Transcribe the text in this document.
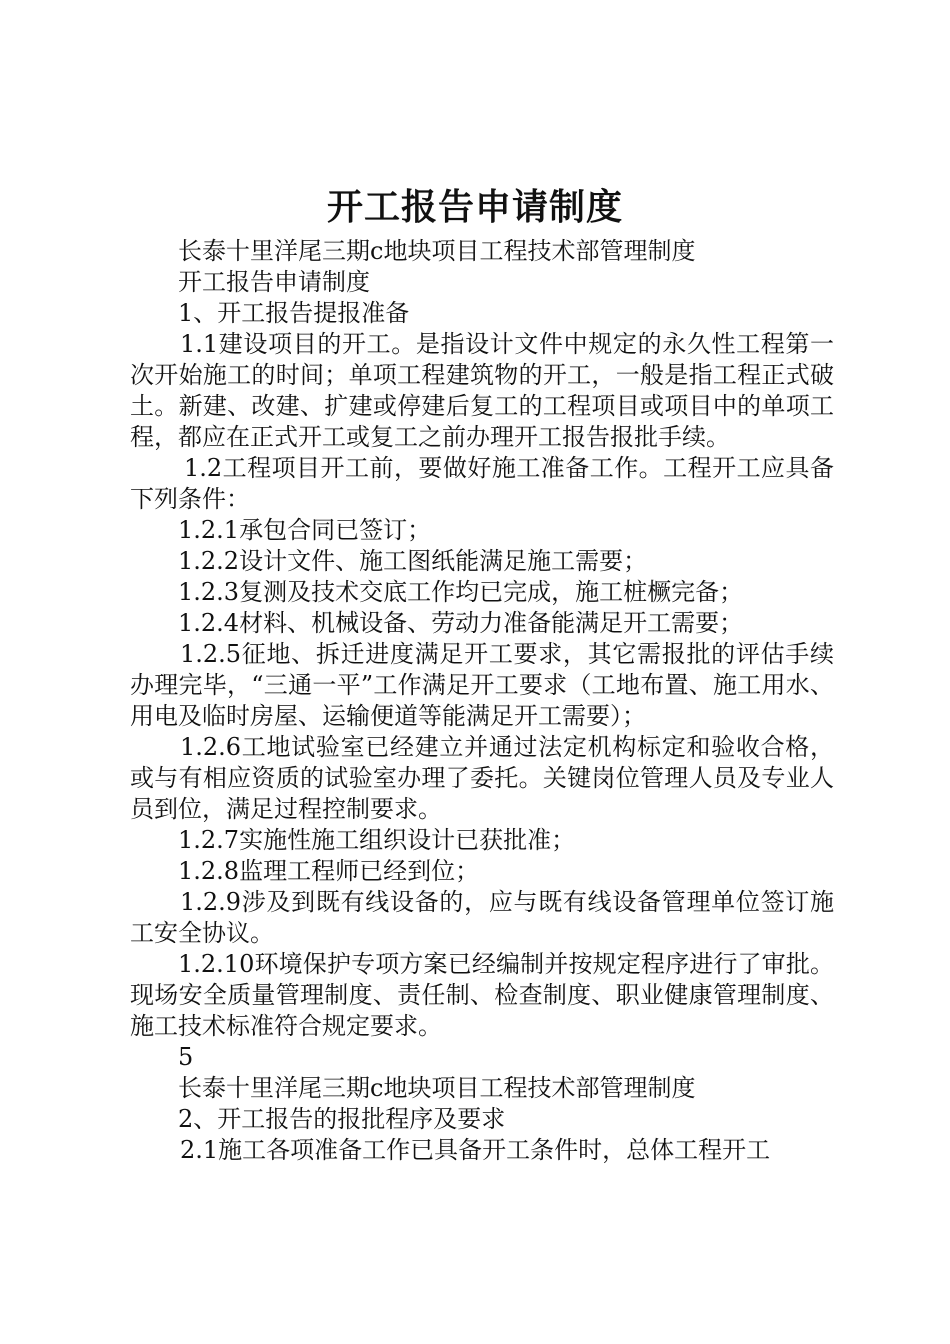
开工报告申请制度

长泰十里洋尾三期c地块项目工程技术部管理制度

开工报告申请制度

1、开工报告提报准备

1.1建设项目的开工。是指设计文件中规定的永久性工程第一次开始施工的时间；单项工程建筑物的开工，一般是指工程正式破土。新建、改建、扩建或停建后复工的工程项目或项目中的单项工程，都应在正式开工或复工之前办理开工报告报批手续。

1.2工程项目开工前，要做好施工准备工作。工程开工应具备下列条件：

1.2.1承包合同已签订；

1.2.2设计文件、施工图纸能满足施工需要；

1.2.3复测及技术交底工作均已完成，施工桩橛完备；

1.2.4材料、机械设备、劳动力准备能满足开工需要；

1.2.5征地、拆迁进度满足开工要求，其它需报批的评估手续办理完毕，“三通一平”工作满足开工要求（工地布置、施工用水、用电及临时房屋、运输便道等能满足开工需要）；

1.2.6工地试验室已经建立并通过法定机构标定和验收合格，或与有相应资质的试验室办理了委托。关键岗位管理人员及专业人员到位，满足过程控制要求。

1.2.7实施性施工组织设计已获批准；

1.2.8监理工程师已经到位；

1.2.9涉及到既有线设备的，应与既有线设备管理单位签订施工安全协议。

1.2.10环境保护专项方案已经编制并按规定程序进行了审批。现场安全质量管理制度、责任制、检查制度、职业健康管理制度、施工技术标准符合规定要求。

5

长泰十里洋尾三期c地块项目工程技术部管理制度

2、开工报告的报批程序及要求

2.1施工各项准备工作已具备开工条件时，总体工程开工
